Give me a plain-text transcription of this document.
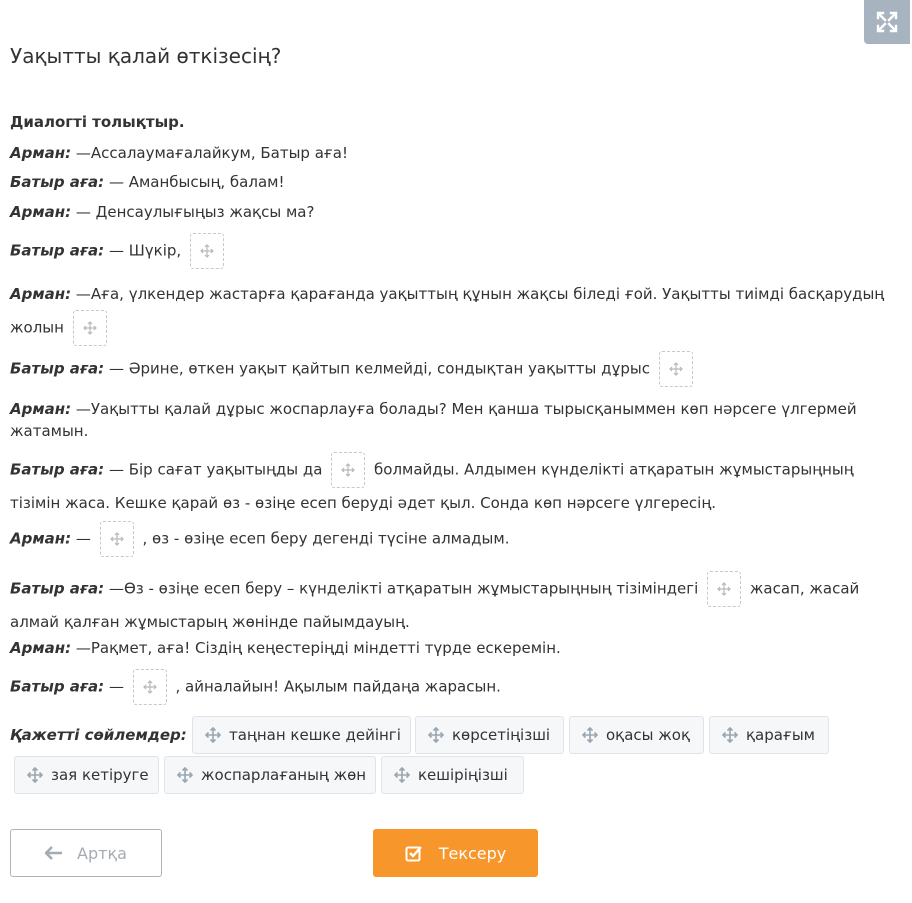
Уақытты қалай өткізесің?
Диалогті толықтыр.
Арман: —Ассалаумағалайкум, Батыр аға!
Батыр аға: — Аманбысың, балам!
Арман: — Денсаулығыңыз жақсы ма?
Батыр аға: — Шүкір,
Арман: —Аға, үлкендер жастарға қарағанда уақыттың құнын жақсы біледі ғой. Уақытты тиімді басқарудың жолын
Батыр аға: — Әрине, өткен уақыт қайтып келмейді, сондықтан уақытты дұрыс
Арман: —Уақытты қалай дұрыс жоспарлауға болады? Мен қанша тырысқаныммен көп нәрсеге үлгермей жатамын.
Батыр аға: — Бір сағат уақытыңды да	болмайды. Алдымен күнделікті атқаратын жұмыстарыңның тізімін жаса. Кешке қарай өз - өзіңе есеп беруді әдет қыл. Сонда көп нәрсеге үлгересің.
Арман: —	, өз - өзіңе есеп беру дегенді түсіне алмадым.
Батыр аға: —Өз - өзіңе есеп беру – күнделікті атқаратын жұмыстарыңның тізіміндегі	жасап, жасай алмай қалған жұмыстарың жөнінде пайымдауың.
Арман: —Рақмет, аға! Сіздің кеңестеріңді міндетті түрде ескеремін.
Батыр аға: —	, айналайын! Ақылым пайдаңа жарасын.
Қажетті сөйлемдер:	таңнан кешке дейінгі	көрсетіңізші	оқасы жоқ	қарағым
зая кетіруге	жоспарлағаның жөн	кешіріңізші
Артқа	Тексеру
